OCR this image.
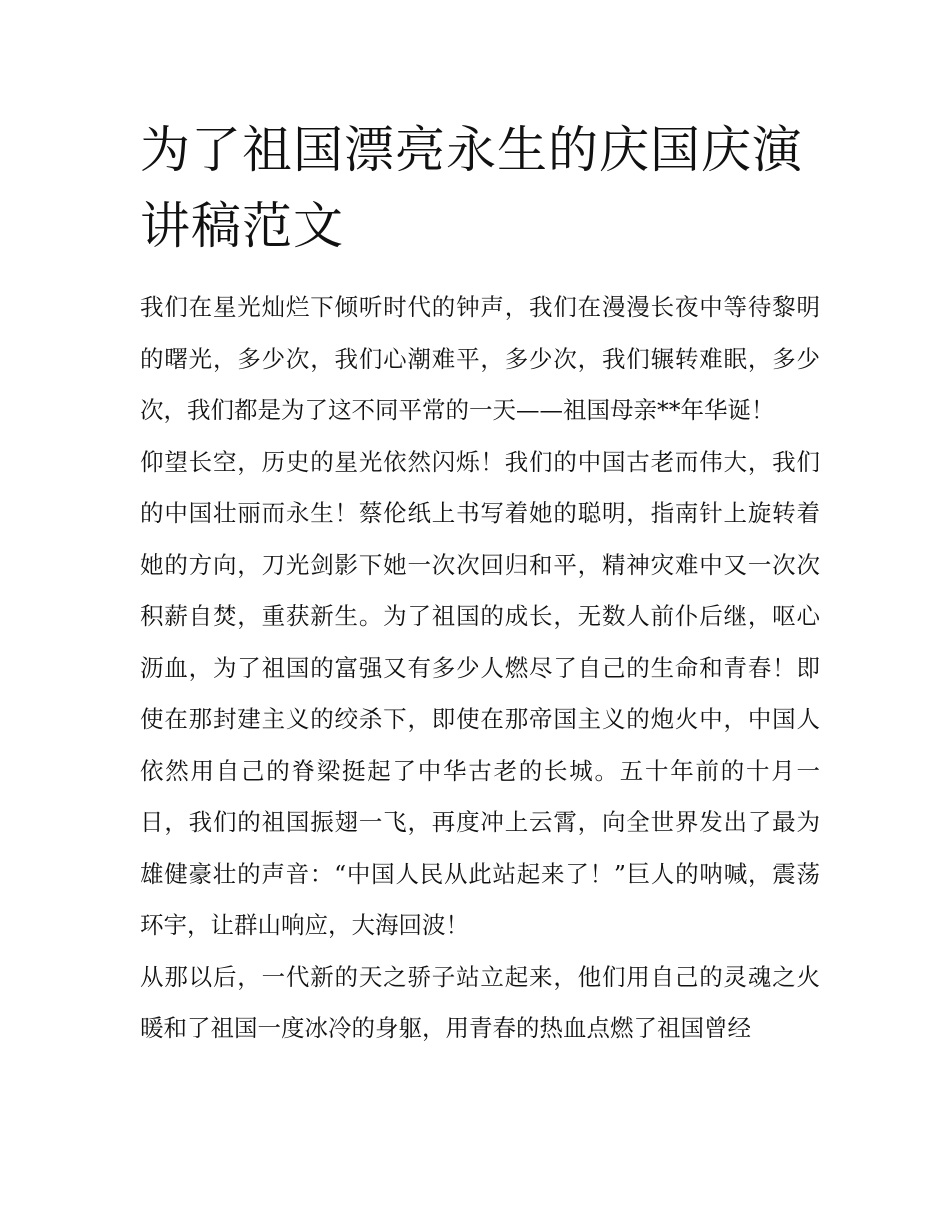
为了祖国漂亮永生的庆国庆演讲稿范文

我们在星光灿烂下倾听时代的钟声，我们在漫漫长夜中等待黎明的曙光，多少次，我们心潮难平，多少次，我们辗转难眠，多少次，我们都是为了这不同平常的一天——祖国母亲**年华诞！

仰望长空，历史的星光依然闪烁！我们的中国古老而伟大，我们的中国壮丽而永生！蔡伦纸上书写着她的聪明，指南针上旋转着她的方向，刀光剑影下她一次次回归和平，精神灾难中又一次次积薪自焚，重获新生。为了祖国的成长，无数人前仆后继，呕心沥血，为了祖国的富强又有多少人燃尽了自己的生命和青春！即使在那封建主义的绞杀下，即使在那帝国主义的炮火中，中国人依然用自己的脊梁挺起了中华古老的长城。五十年前的十月一日，我们的祖国振翅一飞，再度冲上云霄，向全世界发出了最为雄健豪壮的声音：“中国人民从此站起来了！”巨人的呐喊，震荡环宇，让群山响应，大海回波！

从那以后，一代新的天之骄子站立起来，他们用自己的灵魂之火暖和了祖国一度冰冷的身躯，用青春的热血点燃了祖国曾经
